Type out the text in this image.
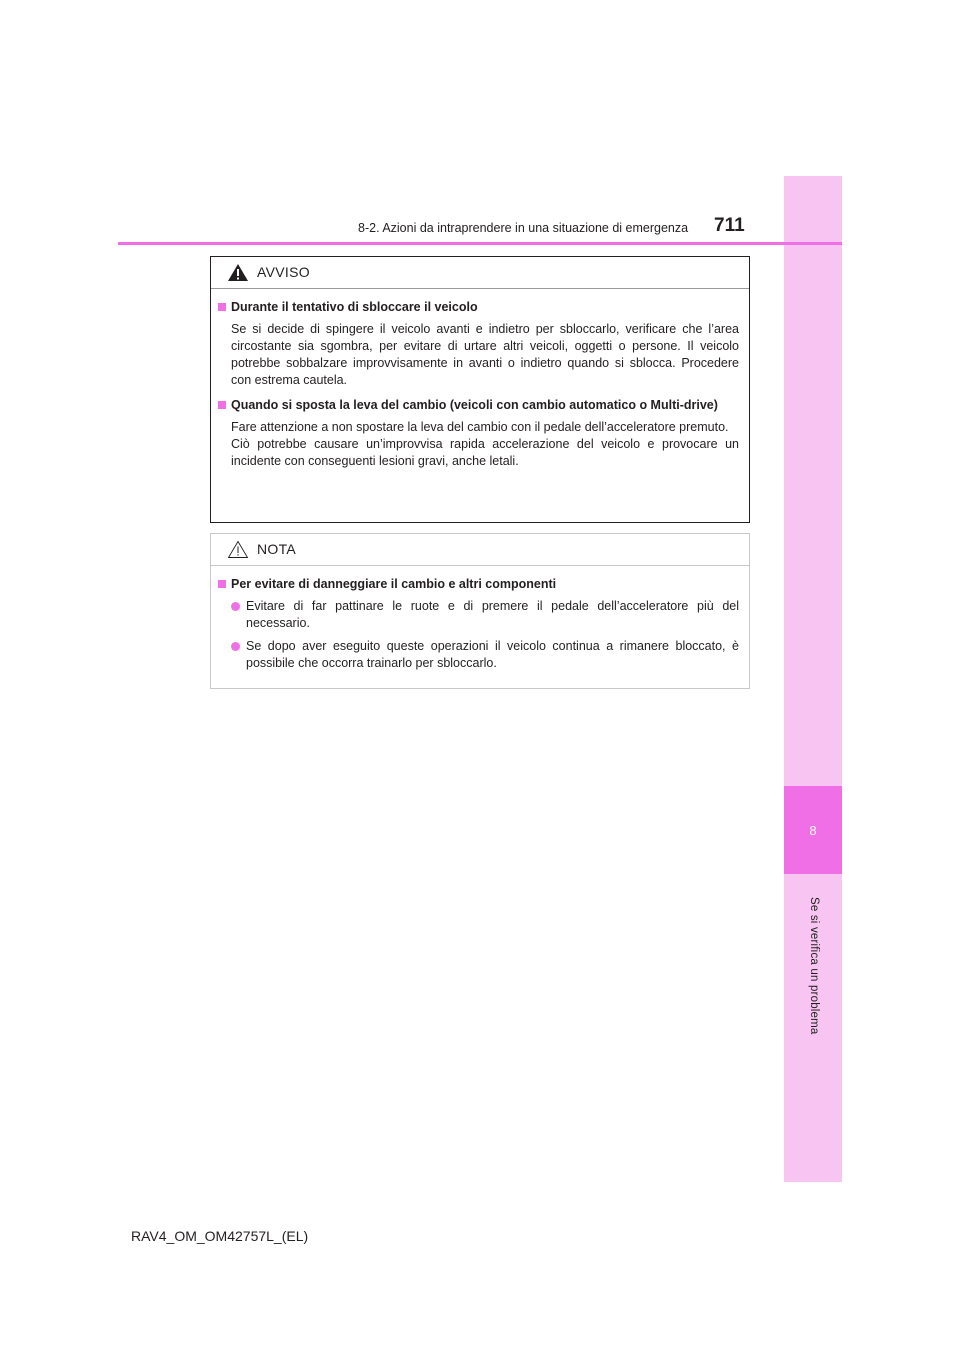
8
Se si verifica un problema
8-2. Azioni da intraprendere in una situazione di emergenza 711
AVVISO
Durante il tentativo di sbloccare il veicolo
Se si decide di spingere il veicolo avanti e indietro per sbloccarlo, verificare che l’area circostante sia sgombra, per evitare di urtare altri veicoli, oggetti o persone. Il veicolo potrebbe sobbalzare improvvisamente in avanti o indietro quando si sblocca. Procedere con estrema cautela.
Quando si sposta la leva del cambio (veicoli con cambio automatico o Multi-drive)
Fare attenzione a non spostare la leva del cambio con il pedale dell’acceleratore premuto.
Ciò potrebbe causare un’improvvisa rapida accelerazione del veicolo e provocare un incidente con conseguenti lesioni gravi, anche letali.
NOTA
Per evitare di danneggiare il cambio e altri componenti
Evitare di far pattinare le ruote e di premere il pedale dell’acceleratore più del necessario.
Se dopo aver eseguito queste operazioni il veicolo continua a rimanere bloccato, è possibile che occorra trainarlo per sbloccarlo.
RAV4_OM_OM42757L_(EL)
